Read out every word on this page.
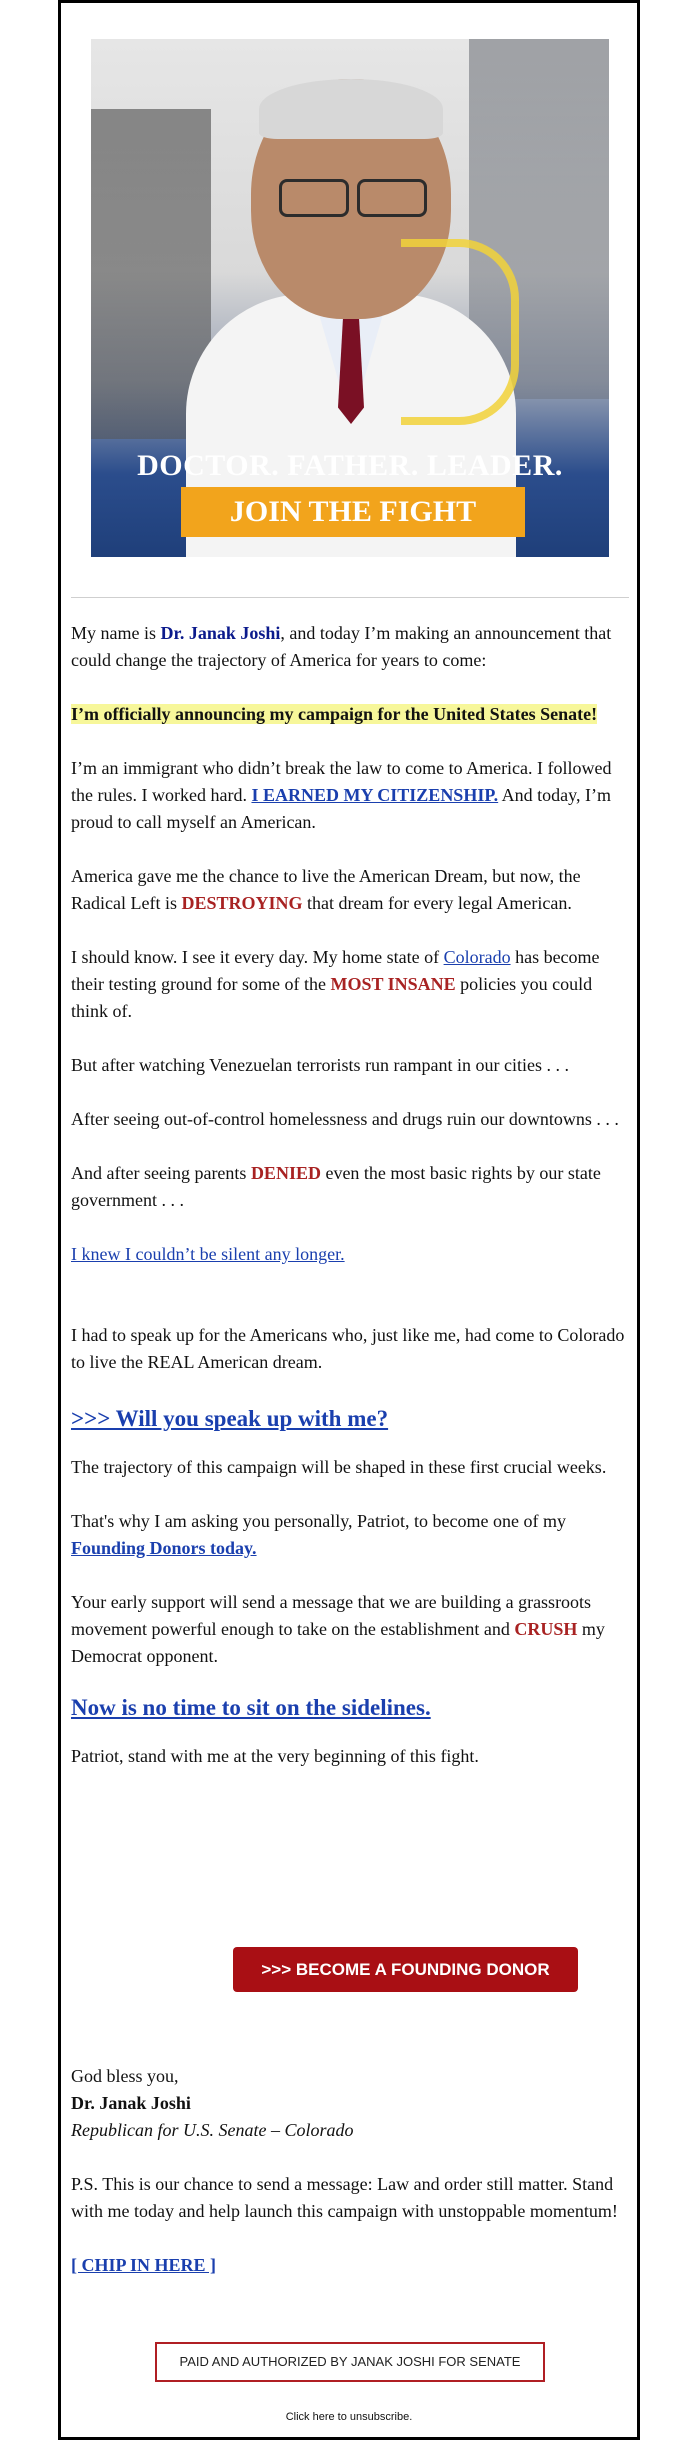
DOCTOR. FATHER. LEADER.
JOIN THE FIGHT

My name is Dr. Janak Joshi, and today I’m making an announcement that could change the trajectory of America for years to come:

I’m officially announcing my campaign for the United States Senate!

I’m an immigrant who didn’t break the law to come to America. I followed the rules. I worked hard. I EARNED MY CITIZENSHIP. And today, I’m proud to call myself an American.

America gave me the chance to live the American Dream, but now, the Radical Left is DESTROYING that dream for every legal American.

I should know. I see it every day. My home state of Colorado has become their testing ground for some of the MOST INSANE policies you could think of.

But after watching Venezuelan terrorists run rampant in our cities . . .

After seeing out-of-control homelessness and drugs ruin our downtowns . . .

And after seeing parents DENIED even the most basic rights by our state government . . .

I knew I couldn’t be silent any longer.

I had to speak up for the Americans who, just like me, had come to Colorado to live the REAL American dream.

>>> Will you speak up with me?

The trajectory of this campaign will be shaped in these first crucial weeks.

That's why I am asking you personally, Patriot, to become one of my Founding Donors today.

Your early support will send a message that we are building a grassroots movement powerful enough to take on the establishment and CRUSH my Democrat opponent.

Now is no time to sit on the sidelines.

Patriot, stand with me at the very beginning of this fight.

>>> BECOME A FOUNDING DONOR

God bless you,

Dr. Janak Joshi

Republican for U.S. Senate – Colorado

P.S. This is our chance to send a message: Law and order still matter. Stand with me today and help launch this campaign with unstoppable momentum!

[ CHIP IN HERE ]

PAID AND AUTHORIZED BY JANAK JOSHI FOR SENATE
Click here to unsubscribe.
